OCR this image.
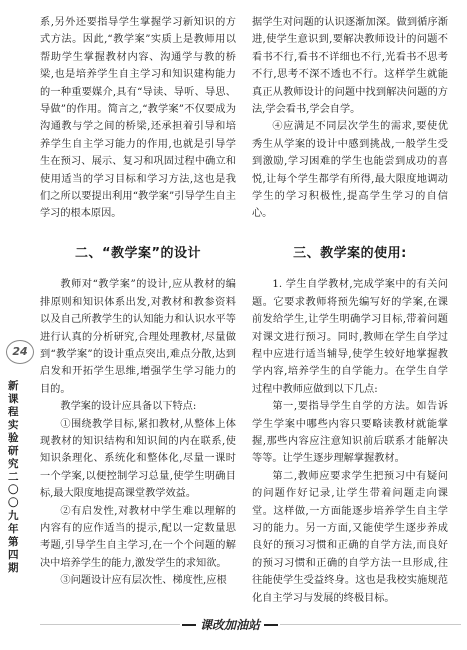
系,另外还要指导学生掌握学习新知识的方式方法。因此,“教学案”实质上是教师用以帮助学生掌握教材内容、沟通学与教的桥梁,也是培养学生自主学习和知识建构能力的一种重要媒介,具有“导读、导听、导思、导做”的作用。简言之,“教学案”不仅要成为沟通教与学之间的桥梁,还承担着引导和培养学生自主学习能力的作用,也就是引导学生在预习、展示、复习和巩固过程中确立和使用适当的学习目标和学习方法,这也是我们之所以要提出利用“教学案”引导学生自主学习的根本原因。

二、“教学案”的设计

教师对“教学案”的设计,应从教材的编排原则和知识体系出发,对教材和教参资料以及自己所教学生的认知能力和认识水平等进行认真的分析研究,合理处理教材,尽量做到“教学案”的设计重点突出,难点分散,达到启发和开拓学生思维,增强学生学习能力的目的。

教学案的设计应具备以下特点:

①围绕教学目标,紧扣教材,从整体上体现教材的知识结构和知识间的内在联系,使知识条理化、系统化和整体化,尽量一课时一个学案,以便控制学习总量,使学生明确目标,最大限度地提高课堂教学效益。

②有启发性,对教材中学生难以理解的内容有的应作适当的提示,配以一定数量思考题,引导学生自主学习,在一个个问题的解决中培养学生的能力,激发学生的求知欲。

③问题设计应有层次性、梯度性,应根

据学生对问题的认识逐渐加深。做到循序渐进,使学生意识到,要解决教师设计的问题不看书不行,看书不详细也不行,光看书不思考不行,思考不深不透也不行。这样学生就能真正从教师设计的问题中找到解决问题的方法,学会看书,学会自学。

④应满足不同层次学生的需求,要使优秀生从学案的设计中感到挑战,一般学生受到激励,学习困难的学生也能尝到成功的喜悦,让每个学生都学有所得,最大限度地调动学生的学习积极性,提高学生学习的自信心。

三、教学案的使用:

1. 学生自学教材,完成学案中的有关问题。它要求教师将预先编写好的学案,在课前发给学生,让学生明确学习目标,带着问题对课文进行预习。同时,教师在学生自学过程中应进行适当辅导,使学生较好地掌握教学内容,培养学生的自学能力。在学生自学过程中教师应做到以下几点:

第一,要指导学生自学的方法。如告诉学生学案中哪些内容只要略读教材就能掌握,那些内容应注意知识前后联系才能解决等等。让学生逐步理解掌握教材。

第二,教师应要求学生把预习中有疑问的问题作好记录,让学生带着问题走向课堂。这样做,一方面能逐步培养学生自主学习的能力。另一方面,又能使学生逐步养成良好的预习习惯和正确的自学方法,而良好的预习习惯和正确的自学方法一旦形成,往往能使学生受益终身。这也是我校实施规范化自主学习与发展的终极目标。

24
新课程实验研究 二〇〇九年 第四期
课改加油站
